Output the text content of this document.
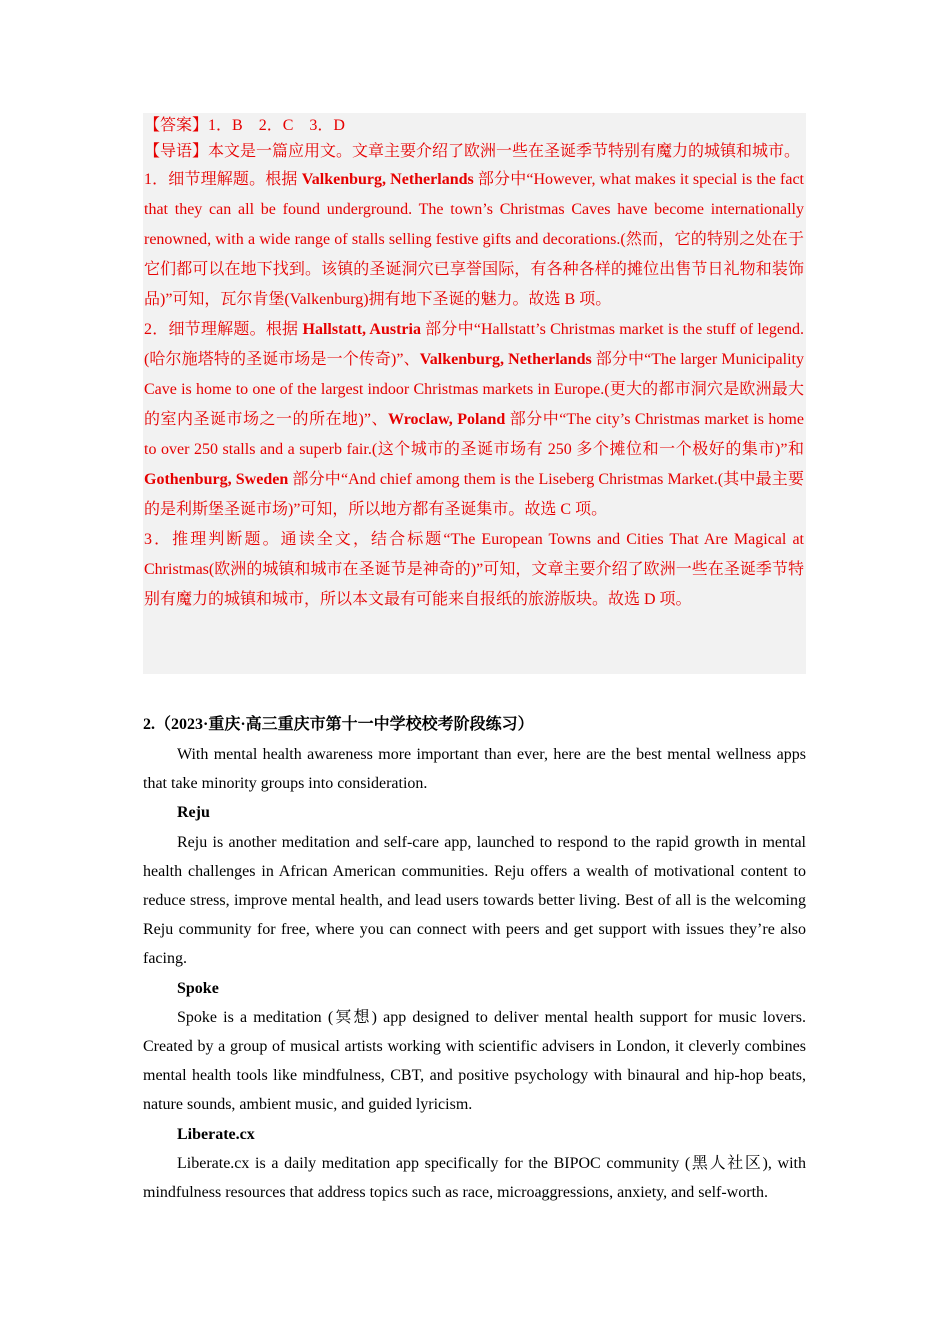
【答案】1．B　2．C　3．D

【导语】本文是一篇应用文。文章主要介绍了欧洲一些在圣诞季节特别有魔力的城镇和城市。

1．细节理解题。根据 Valkenburg, Netherlands 部分中“However, what makes it special is the fact that they can all be found underground. The town’s Christmas Caves have become internationally renowned, with a wide range of stalls selling festive gifts and decorations.(然而，它的特别之处在于它们都可以在地下找到。该镇的圣诞洞穴已享誉国际，有各种各样的摊位出售节日礼物和装饰品)”可知，瓦尔肯堡(Valkenburg)拥有地下圣诞的魅力。故选 B 项。

2．细节理解题。根据 Hallstatt, Austria 部分中“Hallstatt’s Christmas market is the stuff of legend.(哈尔施塔特的圣诞市场是一个传奇)”、Valkenburg, Netherlands 部分中“The larger Municipality Cave is home to one of the largest indoor Christmas markets in Europe.(更大的都市洞穴是欧洲最大的室内圣诞市场之一的所在地)”、Wroclaw, Poland 部分中“The city’s Christmas market is home to over 250 stalls and a superb fair.(这个城市的圣诞市场有 250 多个摊位和一个极好的集市)”和 Gothenburg, Sweden 部分中“And chief among them is the Liseberg Christmas Market.(其中最主要的是利斯堡圣诞市场)”可知，所以地方都有圣诞集市。故选 C 项。

3．推理判断题。通读全文，结合标题“The European Towns and Cities That Are Magical at Christmas(欧洲的城镇和城市在圣诞节是神奇的)”可知，文章主要介绍了欧洲一些在圣诞季节特别有魔力的城镇和城市，所以本文最有可能来自报纸的旅游版块。故选 D 项。

2.（2023·重庆·高三重庆市第十一中学校校考阶段练习）

With mental health awareness more important than ever, here are the best mental wellness apps that take minority groups into consideration.

Reju

Reju is another meditation and self-care app, launched to respond to the rapid growth in mental health challenges in African American communities. Reju offers a wealth of motivational content to reduce stress, improve mental health, and lead users towards better living. Best of all is the welcoming Reju community for free, where you can connect with peers and get support with issues they’re also facing.

Spoke

Spoke is a meditation (冥想) app designed to deliver mental health support for music lovers. Created by a group of musical artists working with scientific advisers in London, it cleverly combines mental health tools like mindfulness, CBT, and positive psychology with binaural and hip-hop beats, nature sounds, ambient music, and guided lyricism.

Liberate.cx

Liberate.cx is a daily meditation app specifically for the BIPOC community (黑人社区), with mindfulness resources that address topics such as race, microaggressions, anxiety, and self-worth.
